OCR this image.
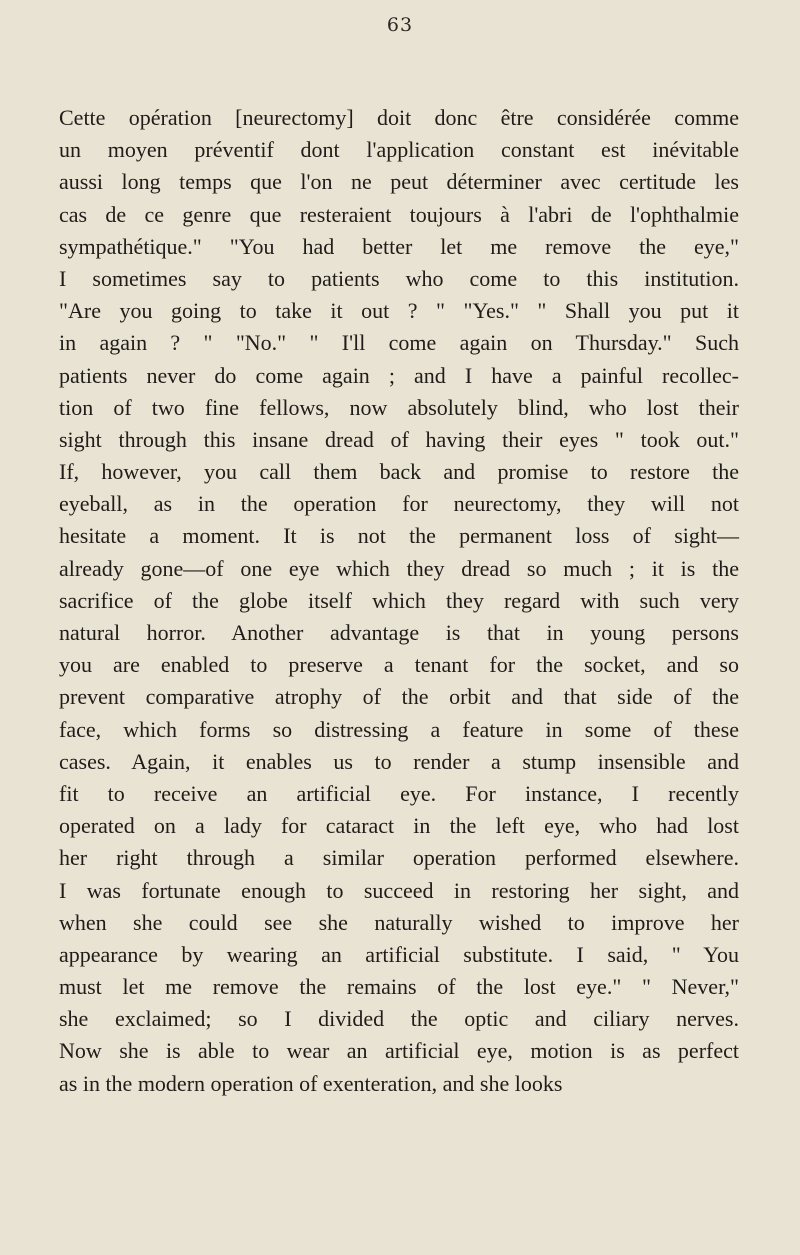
63
Cette opération [neurectomy] doit donc être considérée comme
un moyen préventif dont l'application constant est inévitable
aussi long temps que l'on ne peut déterminer avec certitude les
cas de ce genre que resteraient toujours à l'abri de l'ophthalmie
sympathétique." "You had better let me remove the eye,"
I sometimes say to patients who come to this institution.
"Are you going to take it out ? " "Yes." " Shall you put it
in again ? " "No." " I'll come again on Thursday." Such
patients never do come again ; and I have a painful recollec-
tion of two fine fellows, now absolutely blind, who lost their
sight through this insane dread of having their eyes " took out."
If, however, you call them back and promise to restore the
eyeball, as in the operation for neurectomy, they will not
hesitate a moment. It is not the permanent loss of sight—
already gone—of one eye which they dread so much ; it is the
sacrifice of the globe itself which they regard with such very
natural horror. Another advantage is that in young persons
you are enabled to preserve a tenant for the socket, and so
prevent comparative atrophy of the orbit and that side of the
face, which forms so distressing a feature in some of these
cases. Again, it enables us to render a stump insensible and
fit to receive an artificial eye. For instance, I recently
operated on a lady for cataract in the left eye, who had lost
her right through a similar operation performed elsewhere.
I was fortunate enough to succeed in restoring her sight, and
when she could see she naturally wished to improve her
appearance by wearing an artificial substitute. I said, " You
must let me remove the remains of the lost eye." " Never,"
she exclaimed; so I divided the optic and ciliary nerves.
Now she is able to wear an artificial eye, motion is as perfect
as in the modern operation of exenteration, and she looks
